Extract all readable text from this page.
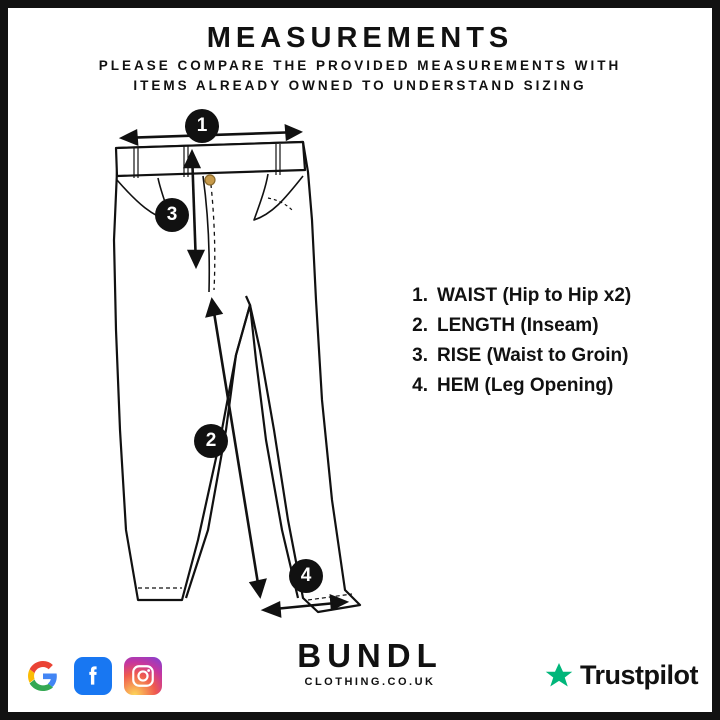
MEASUREMENTS
PLEASE COMPARE THE PROVIDED MEASUREMENTS WITH
ITEMS ALREADY OWNED TO UNDERSTAND SIZING
1
2
3
4
1. WAIST
(Hip to Hip x2)
2. LENGTH
(Inseam)
3. RISE
(Waist to Groin)
4. HEM
(Leg Opening)
BUNDL
CLOTHING.CO.UK	Trustpilot
